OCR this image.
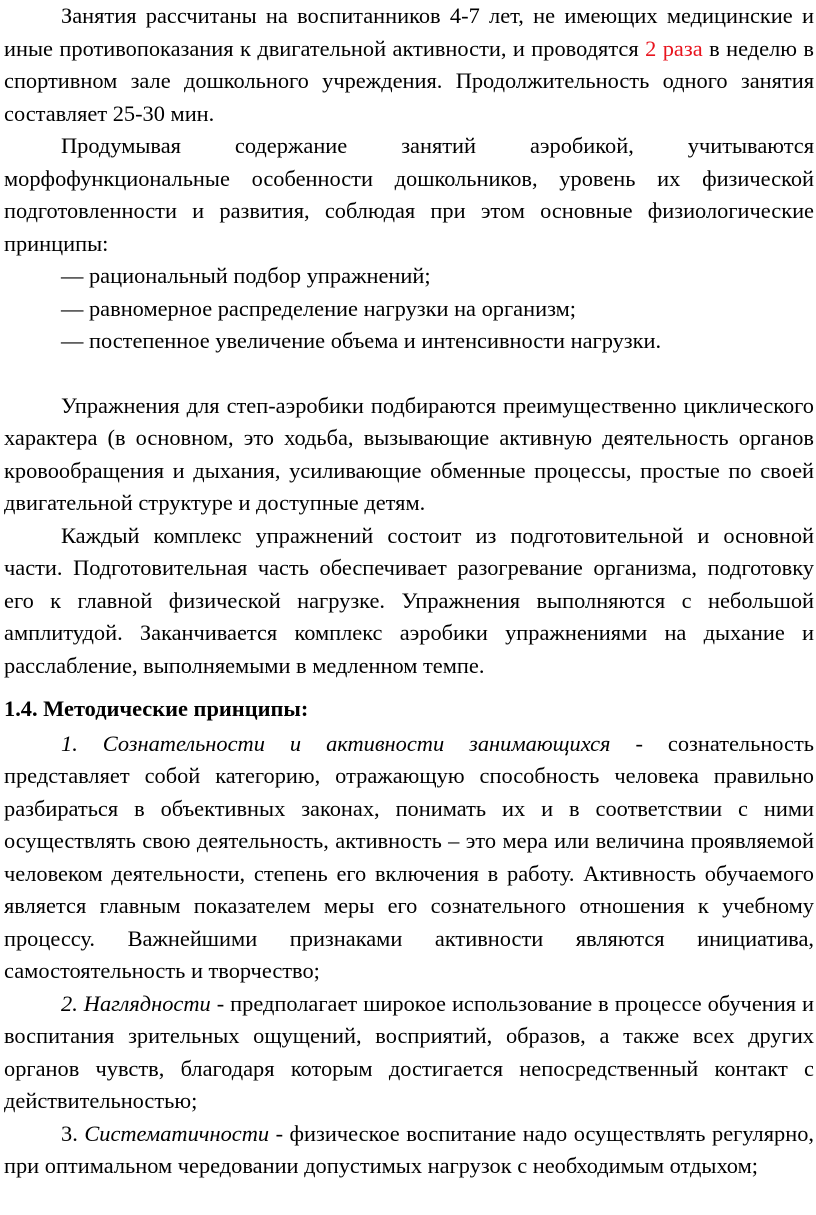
Занятия рассчитаны на воспитанников 4-7 лет, не имеющих медицинские и иные противопоказания к двигательной активности, и проводятся 2 раза в неделю в спортивном зале дошкольного учреждения. Продолжительность одного занятия составляет 25-30 мин.

Продумывая содержание занятий аэробикой, учитываются морфофункциональные особенности дошкольников, уровень их физической подготовленности и развития, соблюдая при этом основные физиологические принципы:

— рациональный подбор упражнений;

— равномерное распределение нагрузки на организм;

— постепенное увеличение объема и интенсивности нагрузки.

Упражнения для степ-аэробики подбираются преимущественно циклического характера (в основном, это ходьба, вызывающие активную деятельность органов кровообращения и дыхания, усиливающие обменные процессы, простые по своей двигательной структуре и доступные детям.

Каждый комплекс упражнений состоит из подготовительной и основной части. Подготовительная часть обеспечивает разогревание организма, подготовку его к главной физической нагрузке. Упражнения выполняются с небольшой амплитудой. Заканчивается комплекс аэробики упражнениями на дыхание и расслабление, выполняемыми в медленном темпе.

1.4. Методические принципы:

1. Сознательности и активности занимающихся - сознательность представляет собой категорию, отражающую способность человека правильно разбираться в объективных законах, понимать их и в соответствии с ними осуществлять свою деятельность, активность – это мера или величина проявляемой человеком деятельности, степень его включения в работу. Активность обучаемого является главным показателем меры его сознательного отношения к учебному процессу. Важнейшими признаками активности являются инициатива, самостоятельность и творчество;

2. Наглядности - предполагает широкое использование в процессе обучения и воспитания зрительных ощущений, восприятий, образов, а также всех других органов чувств, благодаря которым достигается непосредственный контакт с действительностью;

3. Систематичности - физическое воспитание надо осуществлять регулярно, при оптимальном чередовании допустимых нагрузок с необходимым отдыхом;
